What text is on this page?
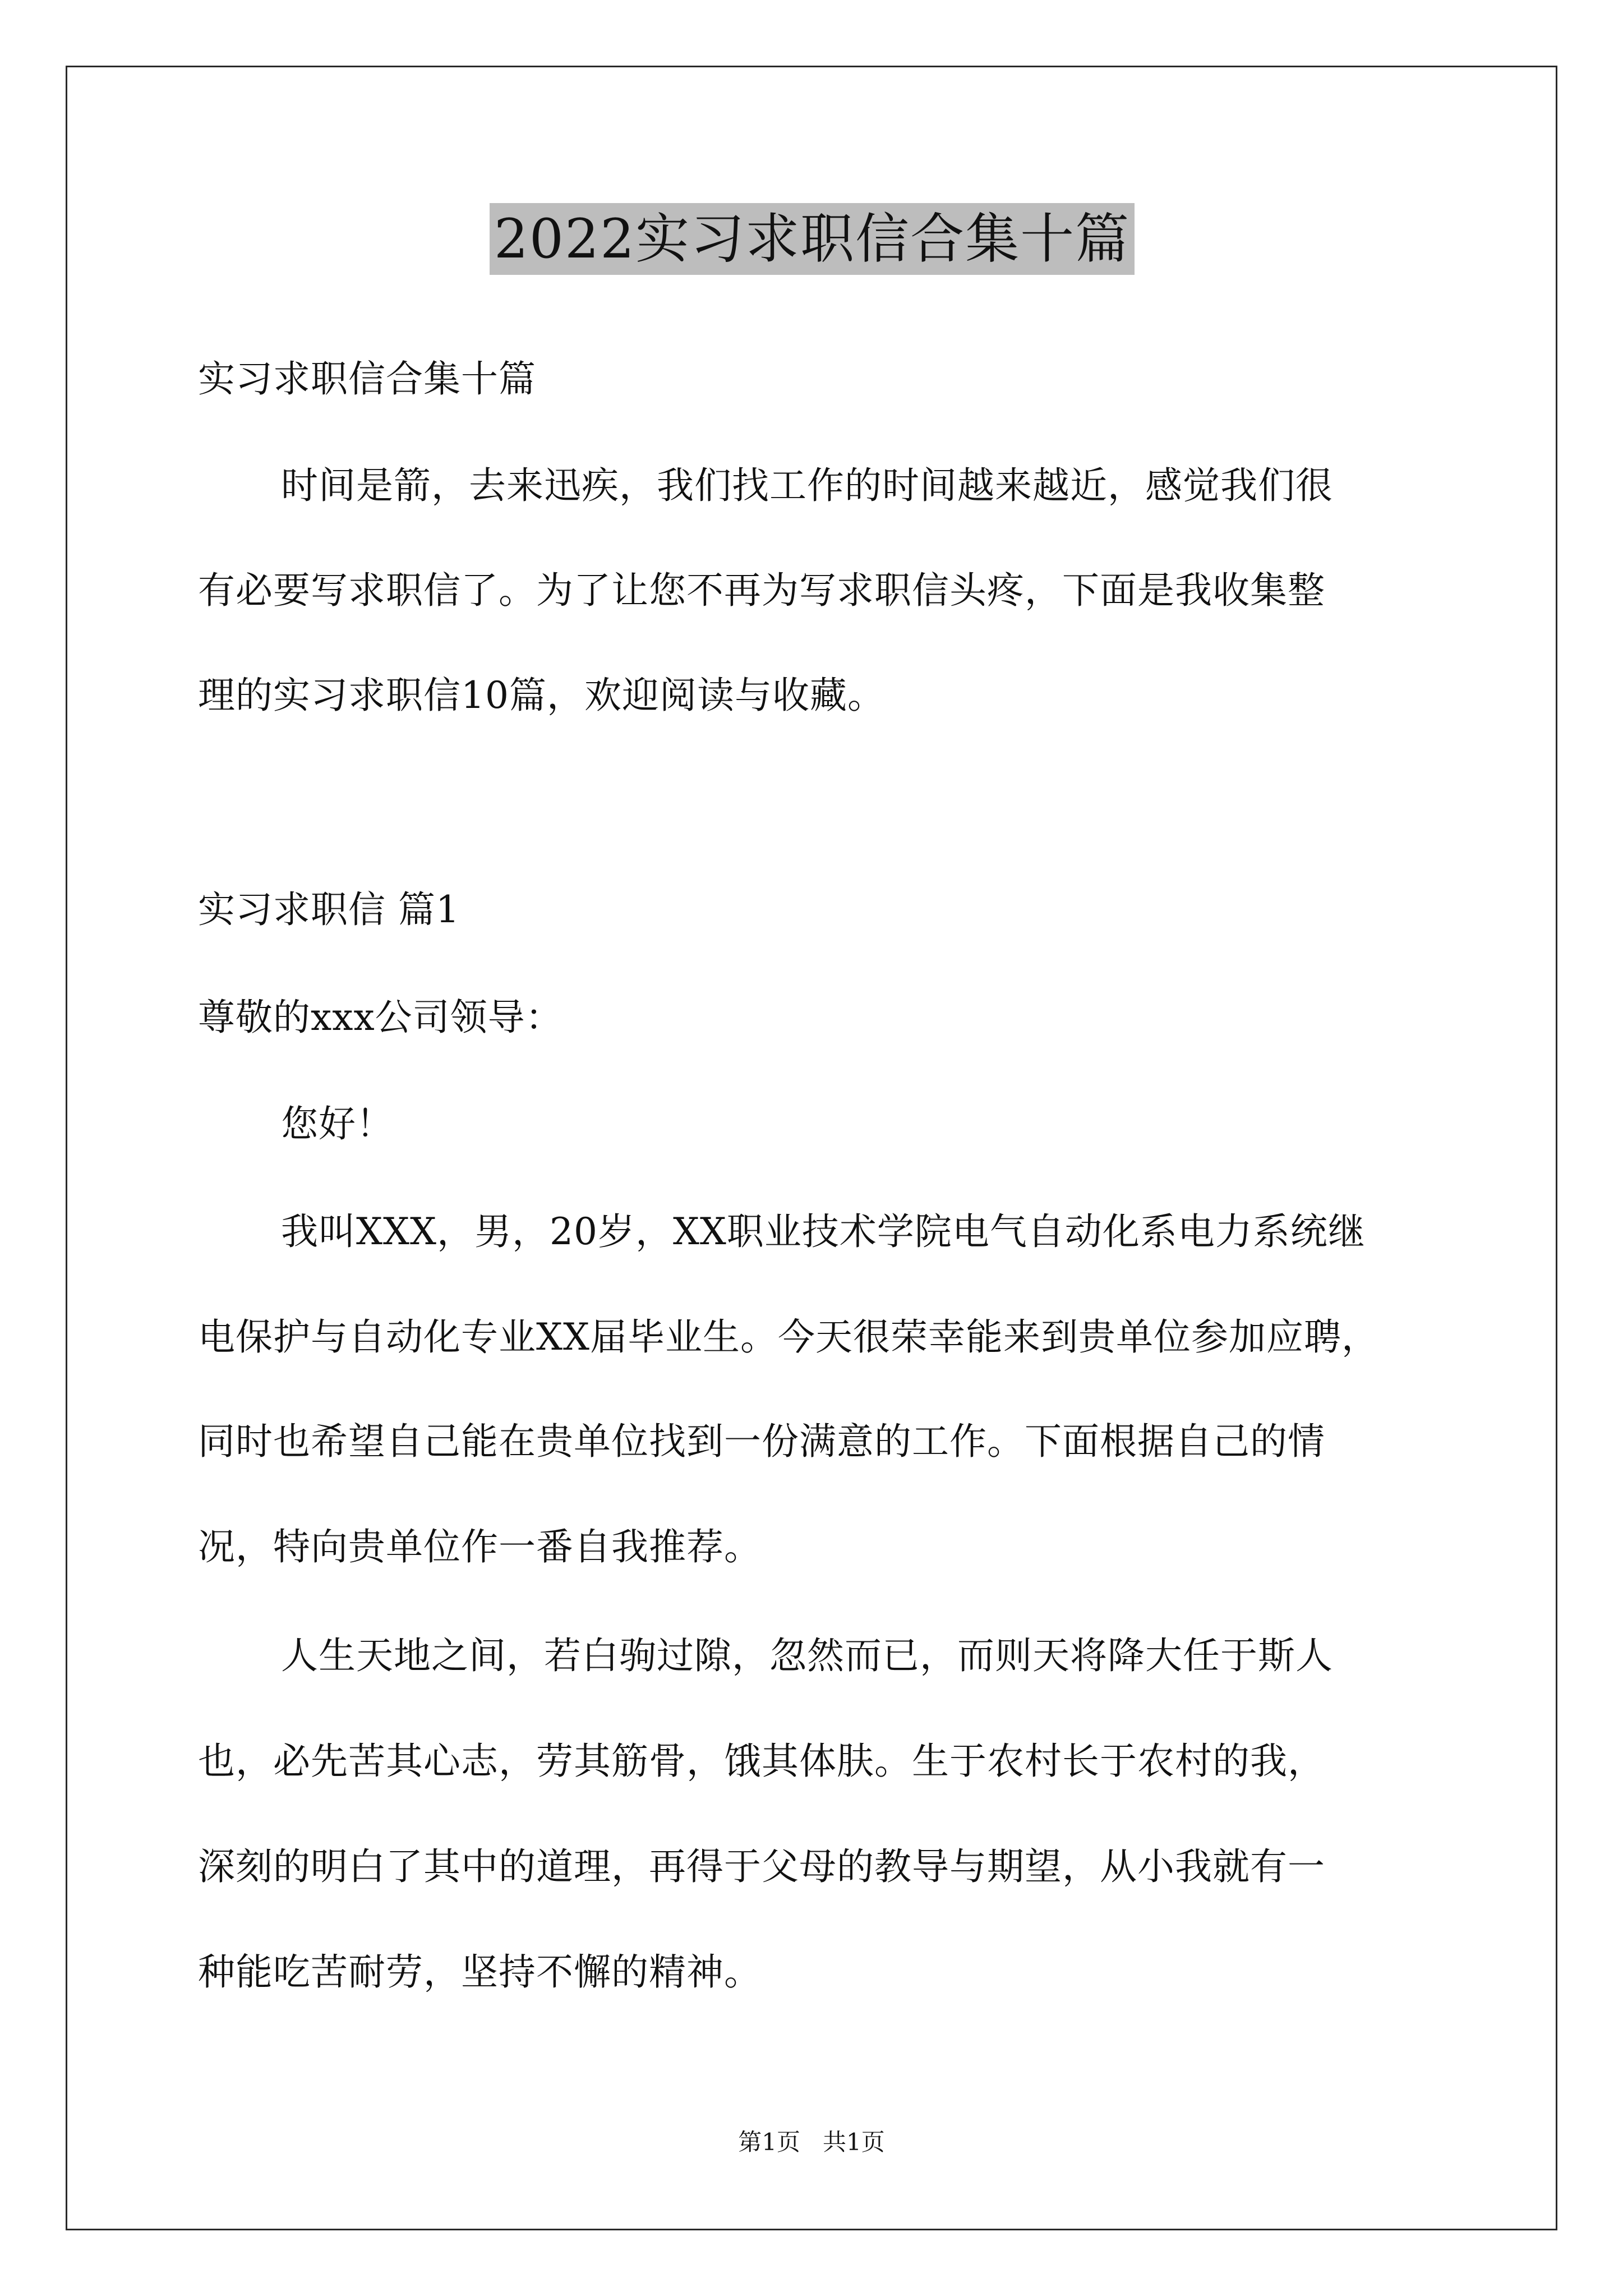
2022实习求职信合集十篇

实习求职信合集十篇

时间是箭，去来迅疾，我们找工作的时间越来越近，感觉我们很

有必要写求职信了。为了让您不再为写求职信头疼，下面是我收集整

理的实习求职信10篇，欢迎阅读与收藏。

实习求职信 篇1

尊敬的xxx公司领导：

您好！

我叫XXX，男，20岁，XX职业技术学院电气自动化系电力系统继

电保护与自动化专业XX届毕业生。今天很荣幸能来到贵单位参加应聘，

同时也希望自己能在贵单位找到一份满意的工作。下面根据自己的情

况，特向贵单位作一番自我推荐。

人生天地之间，若白驹过隙，忽然而已，而则天将降大任于斯人

也，必先苦其心志，劳其筋骨，饿其体肤。生于农村长于农村的我，

深刻的明白了其中的道理，再得于父母的教导与期望，从小我就有一

种能吃苦耐劳，坚持不懈的精神。

第1页   共1页
